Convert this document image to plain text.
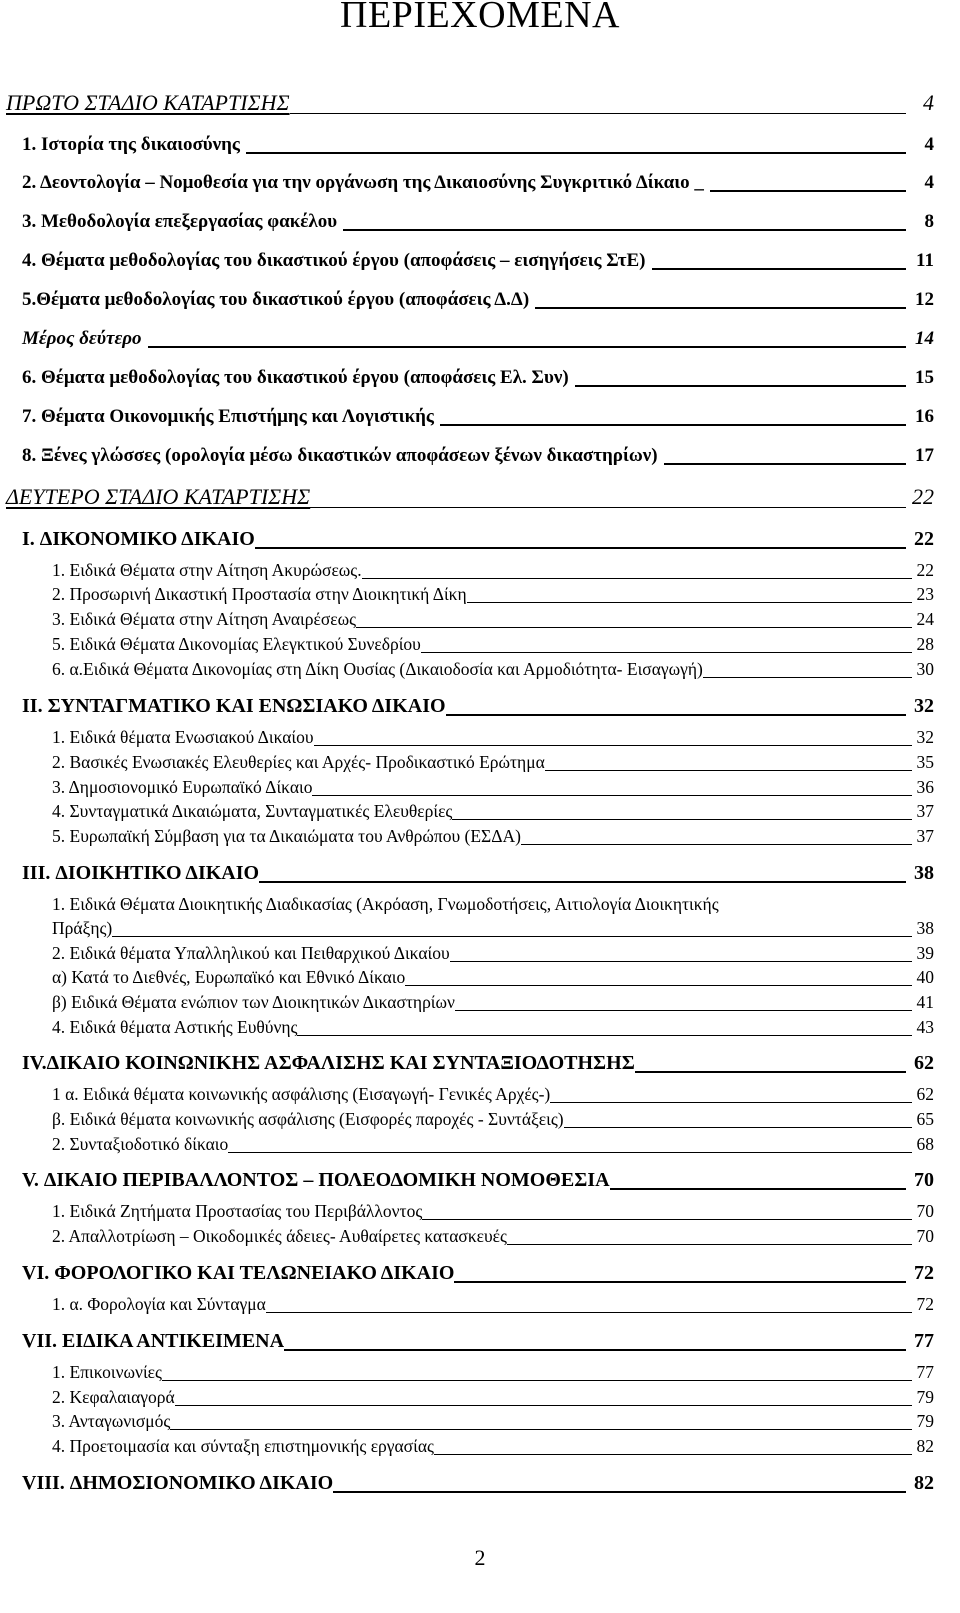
ΠΕΡΙΕΧΟΜΕΝΑ
ΠΡΩΤΟ ΣΤΑΔΙΟ ΚΑΤΑΡΤΙΣΗΣ	4
1. Ιστορία της δικαιοσύνης	4
2. Δεοντολογία – Νομοθεσία για την οργάνωση της Δικαιοσύνης Συγκριτικό Δίκαιο _	4
3. Μεθοδολογία επεξεργασίας φακέλου	8
4. Θέματα μεθοδολογίας του δικαστικού έργου (αποφάσεις – εισηγήσεις ΣτΕ)	11
5.Θέματα μεθοδολογίας του δικαστικού έργου (αποφάσεις Δ.Δ)	12
Μέρος δεύτερο	14
6. Θέματα μεθοδολογίας του δικαστικού έργου (αποφάσεις Ελ. Συν)	15
7. Θέματα Οικονομικής Επιστήμης και Λογιστικής	16
8. Ξένες γλώσσες (ορολογία μέσω δικαστικών αποφάσεων ξένων δικαστηρίων)	17
ΔΕΥΤΕΡΟ ΣΤΑΔΙΟ ΚΑΤΑΡΤΙΣΗΣ	22
I. ΔΙΚΟΝΟΜΙΚΟ ΔΙΚΑΙΟ	22
1. Ειδικά Θέματα στην Αίτηση Ακυρώσεως.	22
2. Προσωρινή Δικαστική Προστασία στην Διοικητική Δίκη	23
3. Ειδικά Θέματα στην Αίτηση Αναιρέσεως	24
5. Ειδικά Θέματα Δικονομίας Ελεγκτικού Συνεδρίου	28
6. α.Ειδικά Θέματα Δικονομίας στη Δίκη Ουσίας (Δικαιοδοσία και Αρμοδιότητα- Εισαγωγή)	30
II. ΣΥΝΤΑΓΜΑΤΙΚΟ ΚΑΙ ΕΝΩΣΙΑΚΟ ΔΙΚΑΙΟ	32
1. Ειδικά θέματα Ενωσιακού Δικαίου	32
2. Βασικές Ενωσιακές Ελευθερίες και Αρχές- Προδικαστικό Ερώτημα	35
3. Δημοσιονομικό Ευρωπαϊκό Δίκαιο	36
4. Συνταγματικά Δικαιώματα, Συνταγματικές Ελευθερίες	37
5. Ευρωπαϊκή Σύμβαση για τα Δικαιώματα του Ανθρώπου (ΕΣΔΑ)	37
III. ΔΙΟΙΚΗΤΙΚΟ ΔΙΚΑΙΟ	38
1. Ειδικά Θέματα Διοικητικής Διαδικασίας (Ακρόαση, Γνωμοδοτήσεις, Αιτιολογία Διοικητικής
Πράξης)	38
2. Ειδικά θέματα Υπαλληλικού και Πειθαρχικού Δικαίου	39
α) Κατά το Διεθνές, Ευρωπαϊκό και Εθνικό Δίκαιο	40
β) Ειδικά Θέματα ενώπιον των Διοικητικών Δικαστηρίων	41
4. Ειδικά θέματα Αστικής Ευθύνης	43
IV.ΔΙΚΑΙΟ ΚΟΙΝΩΝΙΚΗΣ ΑΣΦΑΛΙΣΗΣ ΚΑΙ ΣΥΝΤΑΞΙΟΔΟΤΗΣΗΣ	62
1 α. Ειδικά θέματα κοινωνικής ασφάλισης (Εισαγωγή- Γενικές Αρχές-)	62
β. Ειδικά θέματα κοινωνικής ασφάλισης (Εισφορές παροχές - Συντάξεις)	65
2. Συνταξιοδοτικό δίκαιο	68
V. ΔΙΚΑΙΟ ΠΕΡΙΒΑΛΛΟΝΤΟΣ – ΠΟΛΕΟΔΟΜΙΚΗ ΝΟΜΟΘΕΣΙΑ	70
1. Ειδικά Ζητήματα Προστασίας του Περιβάλλοντος	70
2. Απαλλοτρίωση – Οικοδομικές άδειες- Αυθαίρετες κατασκευές	70
VI. ΦΟΡΟΛΟΓΙΚΟ ΚΑΙ ΤΕΛΩΝΕΙΑΚΟ ΔΙΚΑΙΟ	72
1. α. Φορολογία και Σύνταγμα	72
VII. ΕΙΔΙΚΑ ΑΝΤΙΚΕΙΜΕΝΑ	77
1. Επικοινωνίες	77
2. Κεφαλαιαγορά	79
3. Ανταγωνισμός	79
4. Προετοιμασία και σύνταξη επιστημονικής εργασίας	82
VIII. ΔΗΜΟΣΙΟΝΟΜΙΚΟ ΔΙΚΑΙΟ	82
2
